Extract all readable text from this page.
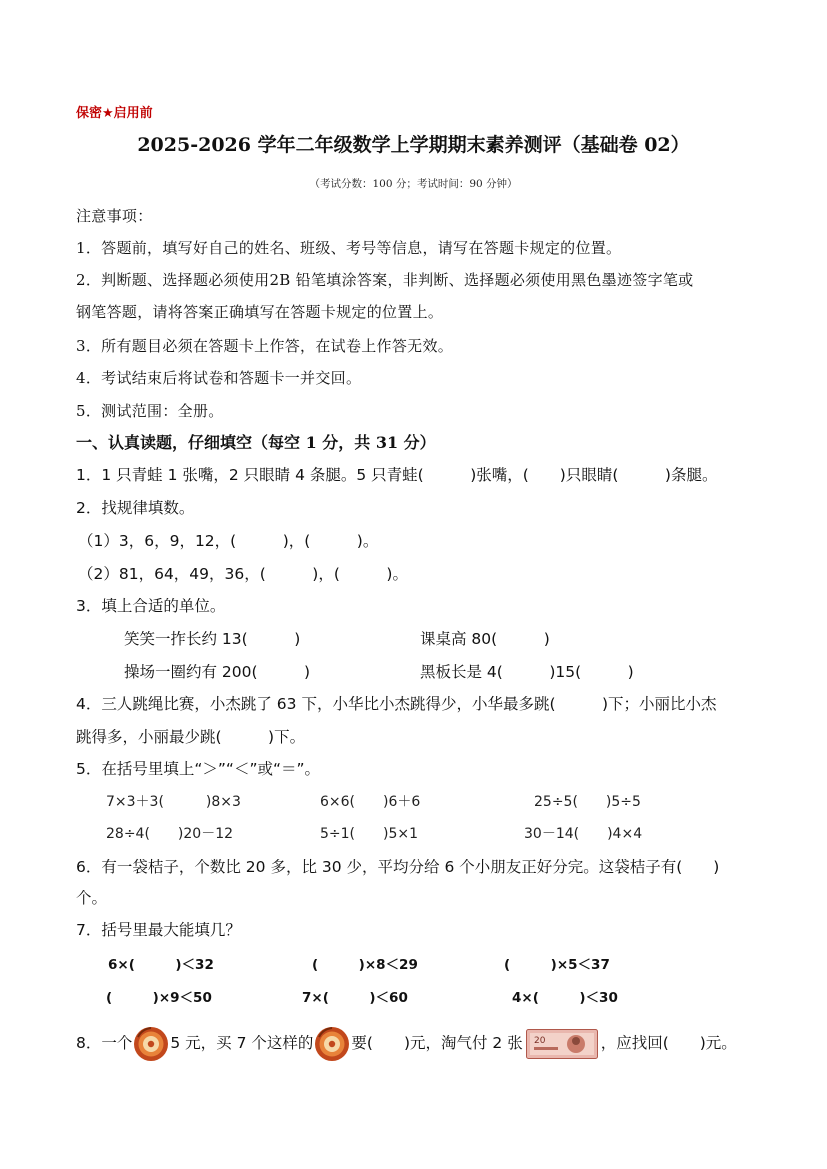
保密★启用前
2025-2026 学年二年级数学上学期期末素养测评（基础卷 02）
（考试分数：100 分；考试时间：90 分钟）
注意事项：
1．答题前，填写好自己的姓名、班级、考号等信息，请写在答题卡规定的位置。
2．判断题、选择题必须使用2B 铅笔填涂答案，非判断、选择题必须使用黑色墨迹签字笔或
钢笔答题，请将答案正确填写在答题卡规定的位置上。
3．所有题目必须在答题卡上作答，在试卷上作答无效。
4．考试结束后将试卷和答题卡一并交回。
5．测试范围：全册。
一、认真读题，仔细填空（每空 1 分，共 31 分）
1．1 只青蛙 1 张嘴，2 只眼睛 4 条腿。5 只青蛙(　　　)张嘴，(　　)只眼睛(　　　)条腿。
2．找规律填数。
（1）3，6，9，12，(　　　)，(　　　)。
（2）81，64，49，36，(　　　)，(　　　)。
3．填上合适的单位。
笑笑一拃长约 13(　　　)	课桌高 80(　　　)
操场一圈约有 200(　　　)	黑板长是 4(　　　)15(　　　)
4．三人跳绳比赛，小杰跳了 63 下，小华比小杰跳得少，小华最多跳(　　　)下；小丽比小杰
跳得多，小丽最少跳(　　　)下。
5．在括号里填上“＞”“＜”或“＝”。
7×3＋3(　　　)8×3	6×6(　　)6＋6	25÷5(　　)5÷5
28÷4(　　)20－12	5÷1(　　)5×1	30－14(　　)4×4
6．有一袋桔子，个数比 20 多，比 30 少，平均分给 6 个小朋友正好分完。这袋桔子有(　　)
个。
7．括号里最大能填几？
6×(　　　)＜32	(　　　)×8＜29	(　　　)×5＜37
(　　　)×9＜50	7×(　　　)＜60	4×(　　　)＜30
8．一个 5 元，买 7 个这样的 要(　　)元，淘气付 2 张 20	，应找回(　　)元。
